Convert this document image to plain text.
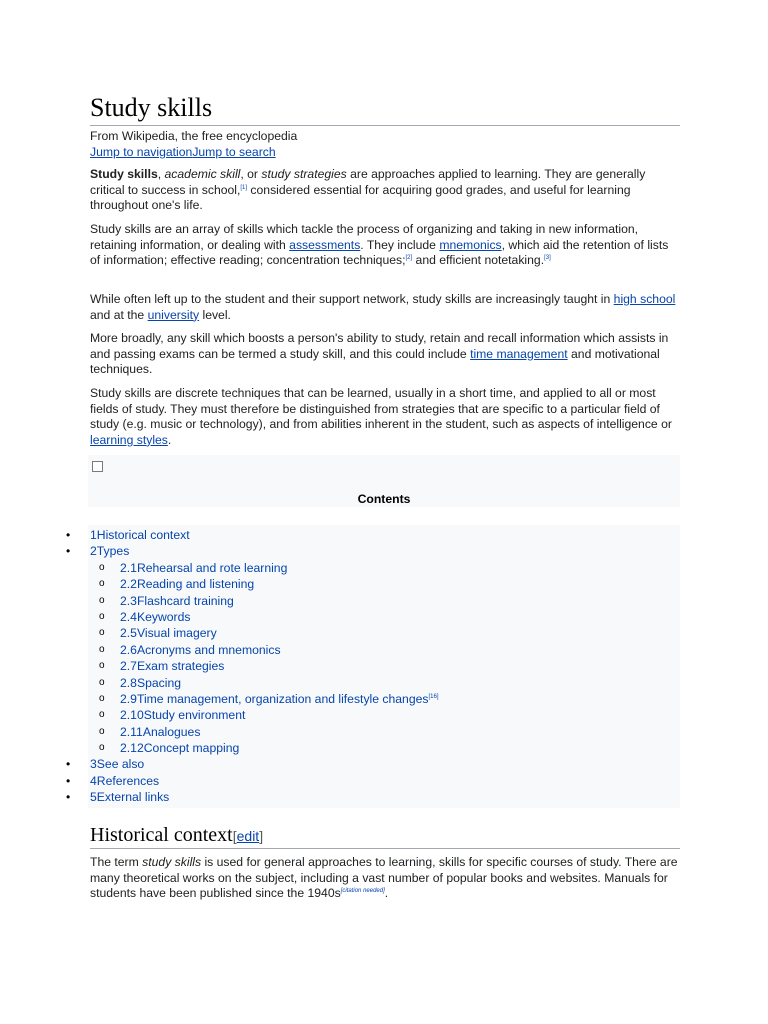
Study skills
From Wikipedia, the free encyclopedia
Jump to navigationJump to search

Study skills, academic skill, or study strategies are approaches applied to learning. They are generally critical to success in school,[1] considered essential for acquiring good grades, and useful for learning throughout one's life.

Study skills are an array of skills which tackle the process of organizing and taking in new information, retaining information, or dealing with assessments. They include mnemonics, which aid the retention of lists of information; effective reading; concentration techniques;[2] and efficient notetaking.[3]

While often left up to the student and their support network, study skills are increasingly taught in high school and at the university level.

More broadly, any skill which boosts a person's ability to study, retain and recall information which assists in and passing exams can be termed a study skill, and this could include time management and motivational techniques.

Study skills are discrete techniques that can be learned, usually in a short time, and applied to all or most fields of study. They must therefore be distinguished from strategies that are specific to a particular field of study (e.g. music or technology), and from abilities inherent in the student, such as aspects of intelligence or learning styles.

Contents
• 1Historical context
• 2Types
o 2.1Rehearsal and rote learning
o 2.2Reading and listening
o 2.3Flashcard training
o 2.4Keywords
o 2.5Visual imagery
o 2.6Acronyms and mnemonics
o 2.7Exam strategies
o 2.8Spacing
o 2.9Time management, organization and lifestyle changes[16]
o 2.10Study environment
o 2.11Analogues
o 2.12Concept mapping
• 3See also
• 4References
• 5External links
Historical context[edit]

The term study skills is used for general approaches to learning, skills for specific courses of study. There are many theoretical works on the subject, including a vast number of popular books and websites. Manuals for students have been published since the 1940s[citation needed].
